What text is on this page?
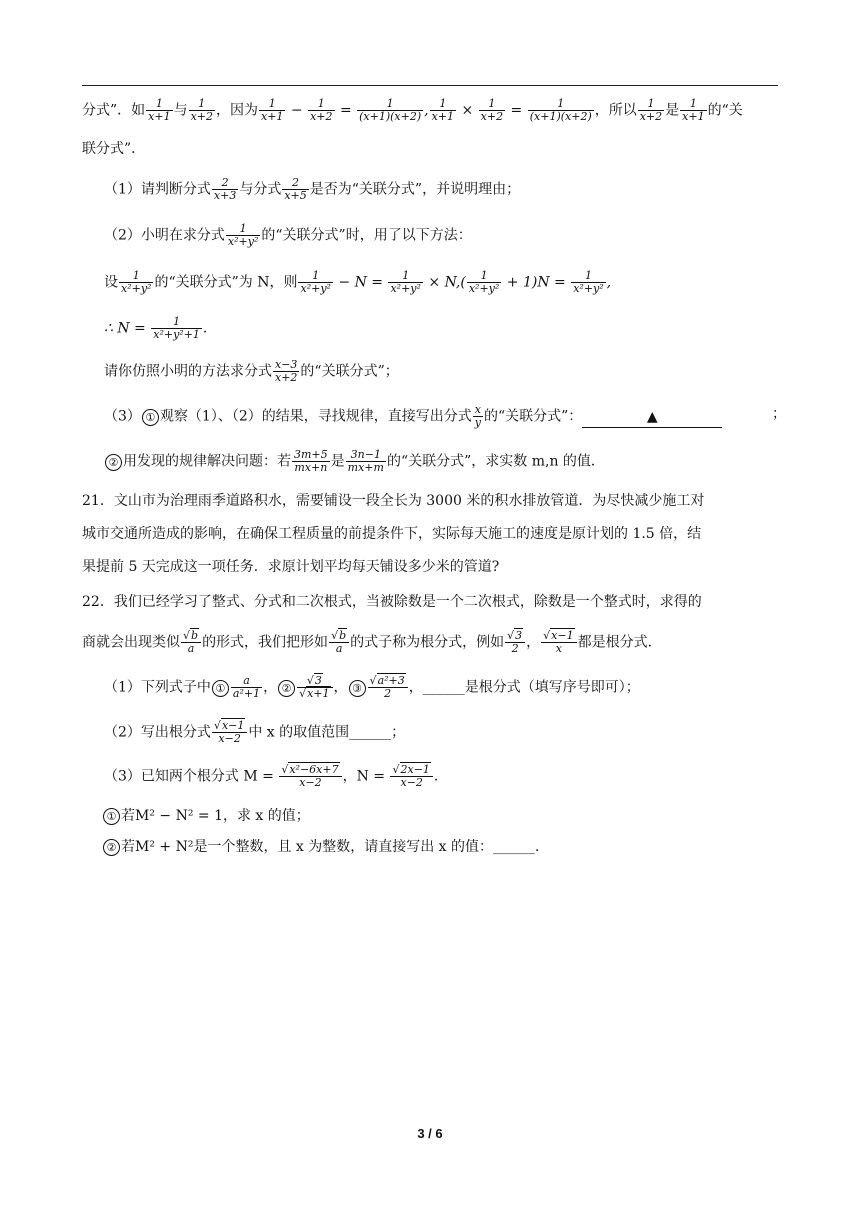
分式”．如 $\frac{1}{x+1}$ 与 $\frac{1}{x+2}$ ，因为 $\frac{1}{x+1} - \frac{1}{x+2} = \frac{1}{(x+1)(x+2)}$ , $\frac{1}{x+1} \times \frac{1}{x+2} = \frac{1}{(x+1)(x+2)}$ ，所以 $\frac{1}{x+2}$ 是 $\frac{1}{x+1}$ 的“关
联分式”．
（1）请判断分式 $\frac{2}{x+3}$ 与分式 $\frac{2}{x+5}$ 是否为“关联分式”，并说明理由；
（2）小明在求分式 $\frac{1}{\text{x²+y²}}$ 的“关联分式”时，用了以下方法：
设 $\frac{1}{\text{x²+y²}}$ 的“关联分式”为 N，则 $\frac{1}{\text{x²+y²}} - N = \frac{1}{\text{x²+y²}} \times N,( \frac{1}{\text{x²+y²}} + 1)N = \frac{1}{\text{x²+y²}}$ ,
∴ $N = \frac{1}{\text{x²+y²+1}}$ .
请你仿照小明的方法求分式 $\frac{x-3}{x+2}$ 的“关联分式”；
（3） ① 观察（1）、（2）的结果，寻找规律，直接写出分式 $\frac{x}{y}$ 的“关联分式”：	▲	；
② 用发现的规律解决问题：若 $\frac{3m+5}{mx+n}$ 是 $\frac{3n-1}{mx+m}$ 的“关联分式”，求实数 m,n 的值．
21．文山市为治理雨季道路积水，需要铺设一段全长为 3000 米的积水排放管道．为尽快减少施工对
城市交通所造成的影响，在确保工程质量的前提条件下，实际每天施工的速度是原计划的 1.5 倍，结
果提前 5 天完成这一项任务．求原计划平均每天铺设多少米的管道?
22．我们已经学习了整式、分式和二次根式，当被除数是一个二次根式，除数是一个整式时，求得的
商就会出现类似 $\frac{√b}{a}$ 的形式，我们把形如 $\frac{√b}{a}$ 的式子称为根分式，例如 $\frac{√3}{2}$ ， $\frac{√x-1}{x}$ 都是根分式．
（1）下列式子中 ① $\frac{a}{\text{a²+1}}$ ， ② $\frac{√3}{√x+1}$ ， ③ $\frac{\text{√a²+3}}{2}$ ，______是根分式（填写序号即可）；
（2）写出根分式 $\frac{√x-1}{x-2}$ 中 x 的取值范围______；
（3）已知两个根分式 $M = \frac{\text{√x²−6x+7}}{x-2}$ ，$N = \frac{√2x-1}{x-2}$ ．
① 若M² − N² = 1，求 x 的值；
② 若M² + N²是一个整数，且 x 为整数，请直接写出 x 的值：______．
3 / 6
